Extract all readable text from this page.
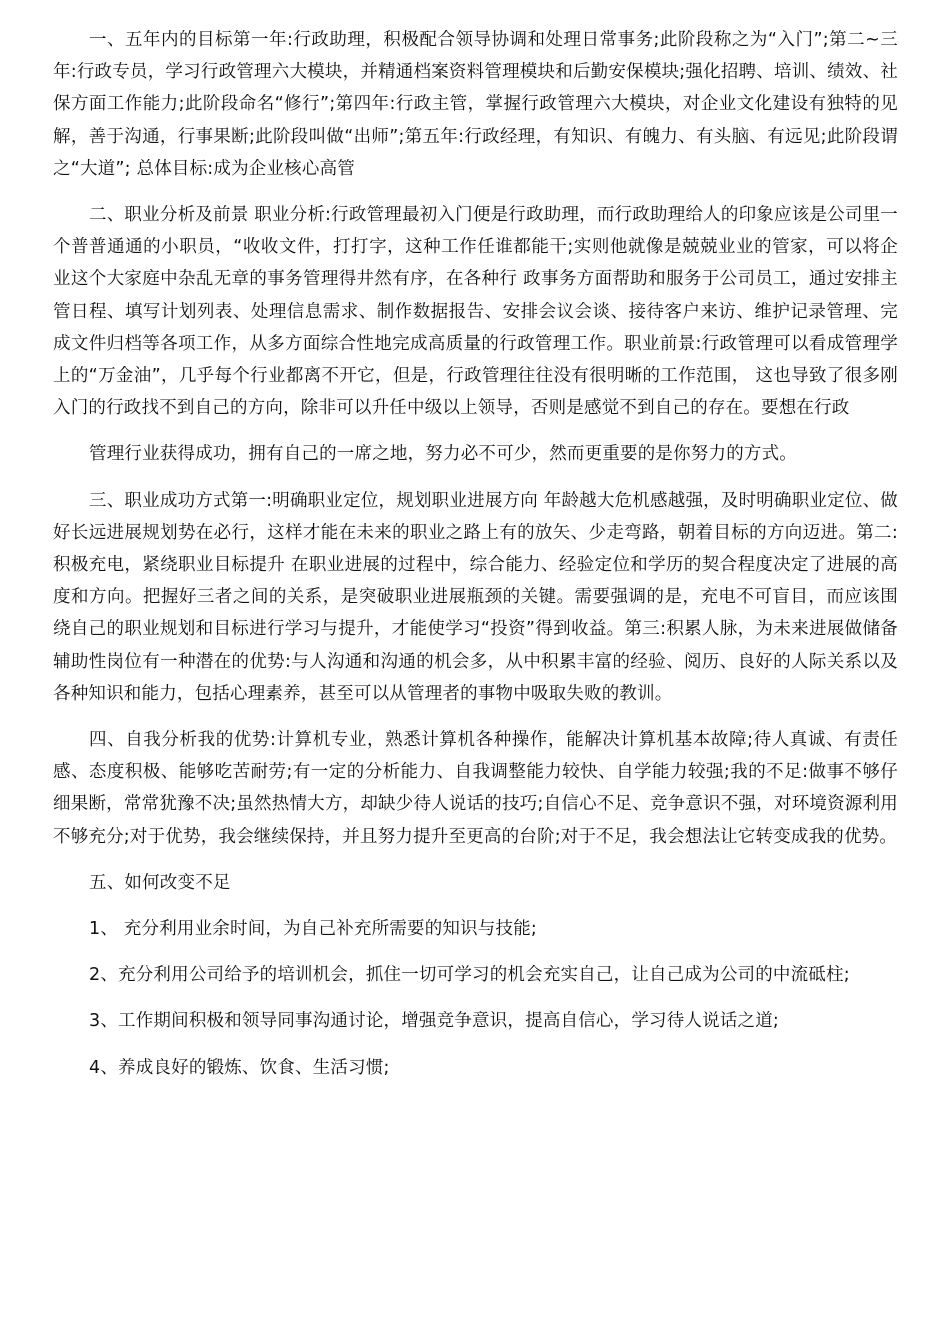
一、五年内的目标第一年:行政助理，积极配合领导协调和处理日常事务;此阶段称之为“入门”;第二~三年:行政专员，学习行政管理六大模块，并精通档案资料管理模块和后勤安保模块;强化招聘、培训、绩效、社保方面工作能力;此阶段命名“修行”;第四年:行政主管，掌握行政管理六大模块，对企业文化建设有独特的见解，善于沟通，行事果断;此阶段叫做“出师”;第五年:行政经理，有知识、有魄力、有头脑、有远见;此阶段谓之“大道”; 总体目标:成为企业核心高管

二、职业分析及前景 职业分析:行政管理最初入门便是行政助理，而行政助理给人的印象应该是公司里一个普普通通的小职员，“收收文件，打打字，这种工作任谁都能干;实则他就像是兢兢业业的管家，可以将企业这个大家庭中杂乱无章的事务管理得井然有序，在各种行 政事务方面帮助和服务于公司员工，通过安排主管日程、填写计划列表、处理信息需求、制作数据报告、安排会议会谈、接待客户来访、维护记录管理、完成文件归档等各项工作，从多方面综合性地完成高质量的行政管理工作。职业前景:行政管理可以看成管理学上的“万金油”，几乎每个行业都离不开它，但是，行政管理往往没有很明晰的工作范围， 这也导致了很多刚入门的行政找不到自己的方向，除非可以升任中级以上领导，否则是感觉不到自己的存在。要想在行政

管理行业获得成功，拥有自己的一席之地，努力必不可少，然而更重要的是你努力的方式。

三、职业成功方式第一:明确职业定位，规划职业进展方向 年龄越大危机感越强，及时明确职业定位、做好长远进展规划势在必行，这样才能在未来的职业之路上有的放矢、少走弯路，朝着目标的方向迈进。第二:积极充电，紧绕职业目标提升 在职业进展的过程中，综合能力、经验定位和学历的契合程度决定了进展的高度和方向。把握好三者之间的关系，是突破职业进展瓶颈的关键。需要强调的是，充电不可盲目，而应该围绕自己的职业规划和目标进行学习与提升，才能使学习“投资”得到收益。第三:积累人脉，为未来进展做储备辅助性岗位有一种潜在的优势:与人沟通和沟通的机会多，从中积累丰富的经验、阅历、良好的人际关系以及各种知识和能力，包括心理素养，甚至可以从管理者的事物中吸取失败的教训。

四、自我分析我的优势:计算机专业，熟悉计算机各种操作，能解决计算机基本故障;待人真诚、有责任感、态度积极、能够吃苦耐劳;有一定的分析能力、自我调整能力较快、自学能力较强;我的不足:做事不够仔细果断，常常犹豫不决;虽然热情大方，却缺少待人说话的技巧;自信心不足、竞争意识不强，对环境资源利用不够充分;对于优势，我会继续保持，并且努力提升至更高的台阶;对于不足，我会想法让它转变成我的优势。

五、如何改变不足

1、 充分利用业余时间，为自己补充所需要的知识与技能;

2、充分利用公司给予的培训机会，抓住一切可学习的机会充实自己，让自己成为公司的中流砥柱;

3、工作期间积极和领导同事沟通讨论，增强竞争意识，提高自信心，学习待人说话之道;

4、养成良好的锻炼、饮食、生活习惯;
